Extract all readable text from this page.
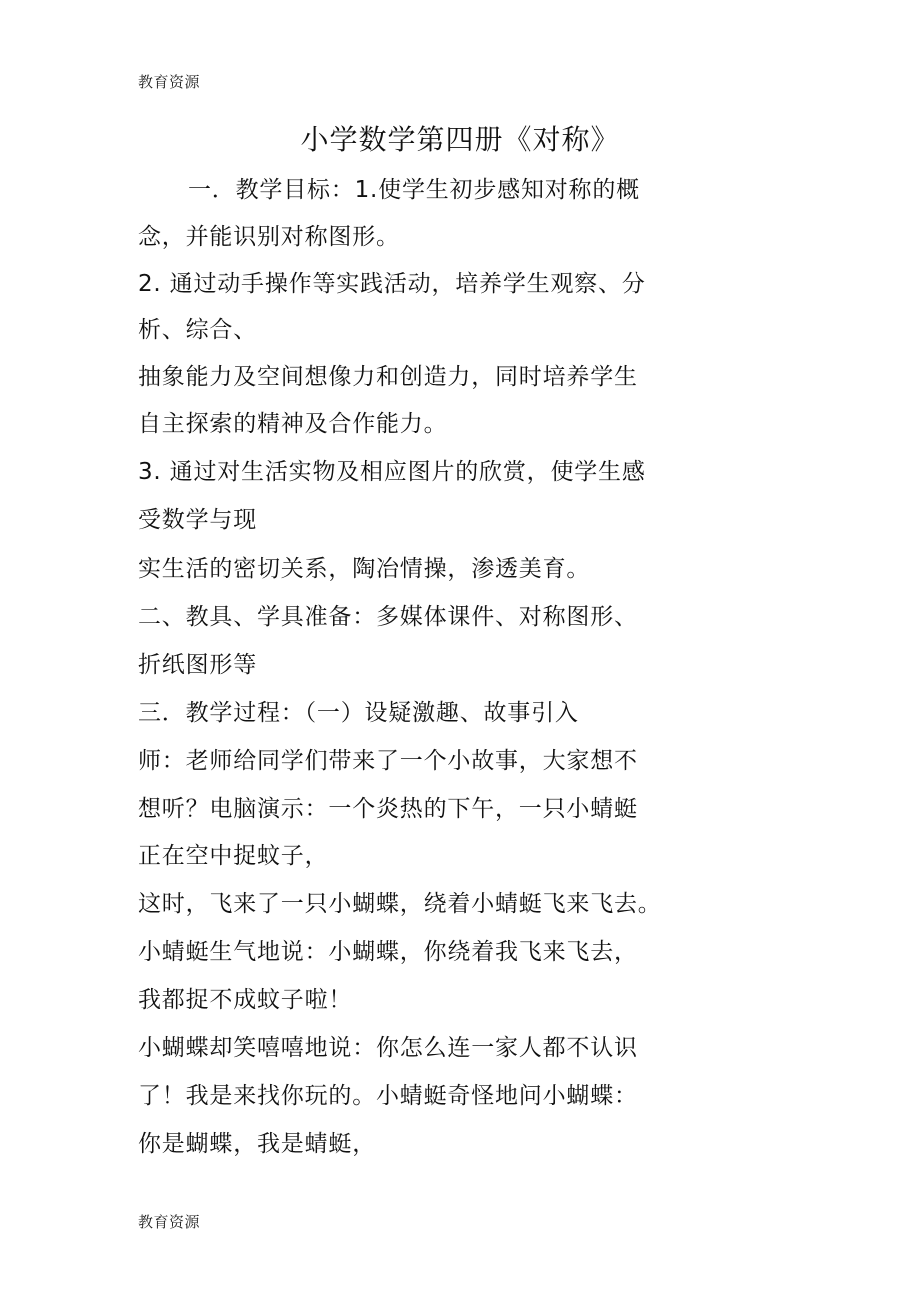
教育资源
小学数学第四册《对称》
一．教学目标：1.使学生初步感知对称的概
念，并能识别对称图形。
2. 通过动手操作等实践活动，培养学生观察、分
析、综合、
抽象能力及空间想像力和创造力，同时培养学生
自主探索的精神及合作能力。
3. 通过对生活实物及相应图片的欣赏，使学生感
受数学与现
实生活的密切关系，陶冶情操，渗透美育。
二、教具、学具准备：多媒体课件、对称图形、
折纸图形等
三．教学过程：（一）设疑激趣、故事引入
师：老师给同学们带来了一个小故事，大家想不
想听？电脑演示：一个炎热的下午，一只小蜻蜓
正在空中捉蚊子，
这时，飞来了一只小蝴蝶，绕着小蜻蜓飞来飞去。
小蜻蜓生气地说：小蝴蝶，你绕着我飞来飞去，
我都捉不成蚊子啦！
小蝴蝶却笑嘻嘻地说：你怎么连一家人都不认识
了！我是来找你玩的。小蜻蜓奇怪地问小蝴蝶：
你是蝴蝶，我是蜻蜓，
教育资源
